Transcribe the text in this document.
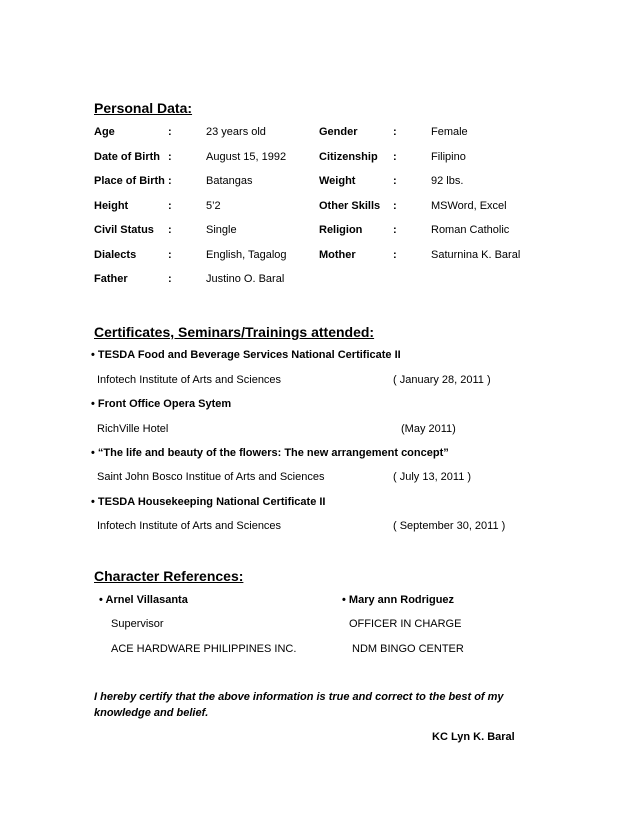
Personal Data:
Age	:	23 years old	Gender	:	Female
Date of Birth :	August 15, 1992	Citizenship :	Filipino
Place of Birth :	Batangas	Weight	:	92 lbs.
Height	:	5’2	Other Skills :	MSWord, Excel
Civil Status :	Single	Religion	:	Roman Catholic
Dialects	:	English, Tagalog	Mother	:	Saturnina K. Baral
Father	:	Justino O. Baral
Certificates, Seminars/Trainings attended:
• TESDA Food and Beverage Services National Certificate II
Infotech Institute of Arts and Sciences	( January 28, 2011 )
• Front Office Opera Sytem
RichVille Hotel	(May 2011)
• “The life and beauty of the flowers: The new arrangement concept”
Saint John Bosco Institue of Arts and Sciences	( July 13, 2011 )
• TESDA Housekeeping National Certificate II
Infotech Institute of Arts and Sciences	( September 30, 2011 )
Character References:
• Arnel Villasanta
Supervisor
ACE HARDWARE PHILIPPINES INC.
• Mary ann Rodriguez
OFFICER IN CHARGE
NDM BINGO CENTER
I hereby certify that the above information is true and correct to the best of my knowledge and belief.
KC Lyn K. Baral
